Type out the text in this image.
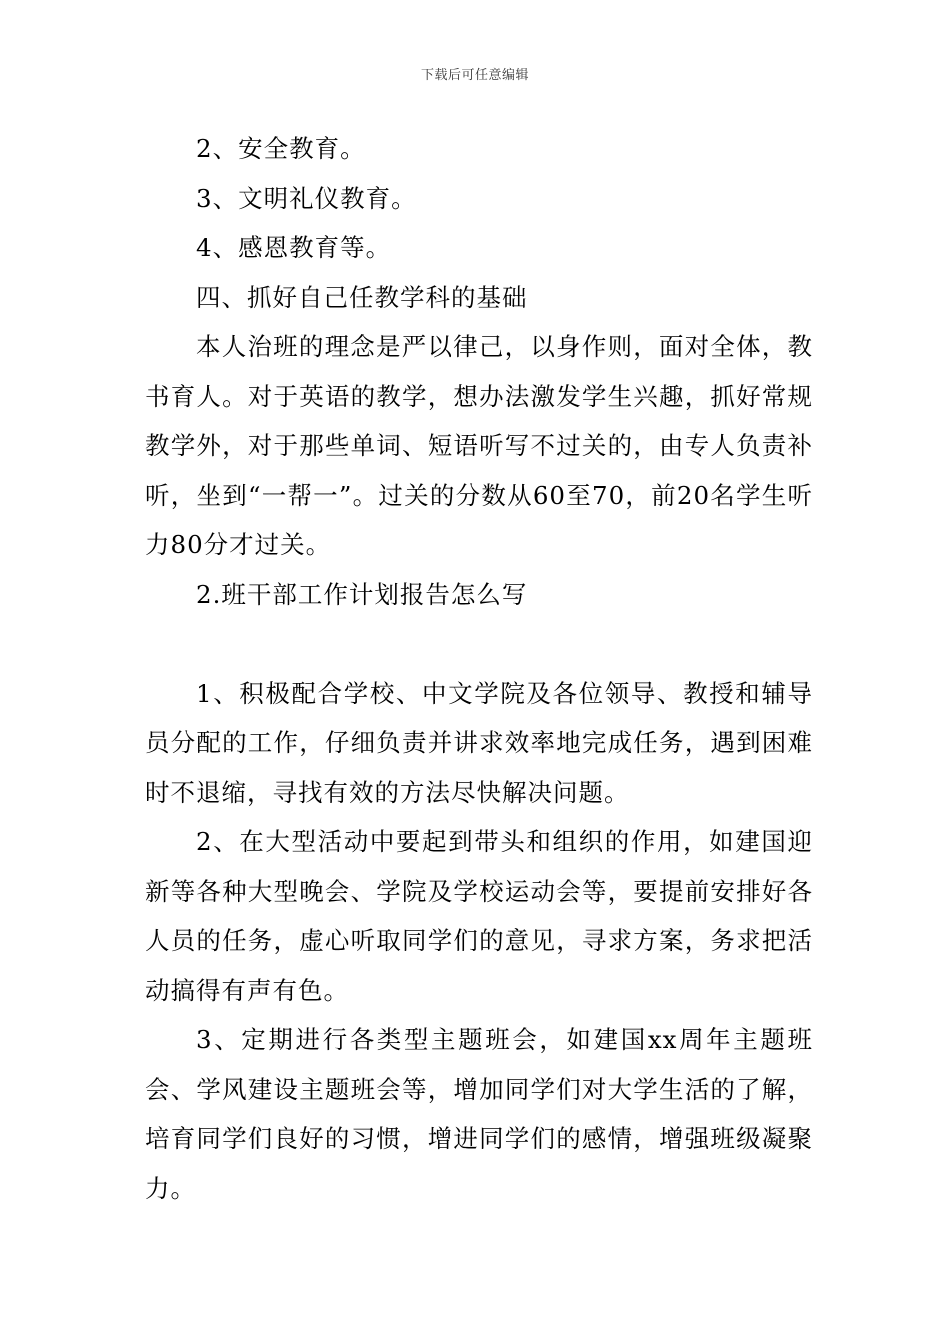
下载后可任意编辑

2、安全教育。

3、文明礼仪教育。

4、感恩教育等。

四、抓好自己任教学科的基础

本人治班的理念是严以律己，以身作则，面对全体，教书育人。对于英语的教学，想办法激发学生兴趣，抓好常规教学外，对于那些单词、短语听写不过关的，由专人负责补听，坐到“一帮一”。过关的分数从60至70，前20名学生听力80分才过关。

2.班干部工作计划报告怎么写

1、积极配合学校、中文学院及各位领导、教授和辅导员分配的工作，仔细负责并讲求效率地完成任务，遇到困难时不退缩，寻找有效的方法尽快解决问题。

2、在大型活动中要起到带头和组织的作用，如建国迎新等各种大型晚会、学院及学校运动会等，要提前安排好各人员的任务，虚心听取同学们的意见，寻求方案，务求把活动搞得有声有色。

3、定期进行各类型主题班会，如建国xx周年主题班会、学风建设主题班会等，增加同学们对大学生活的了解，培育同学们良好的习惯，增进同学们的感情，增强班级凝聚力。
